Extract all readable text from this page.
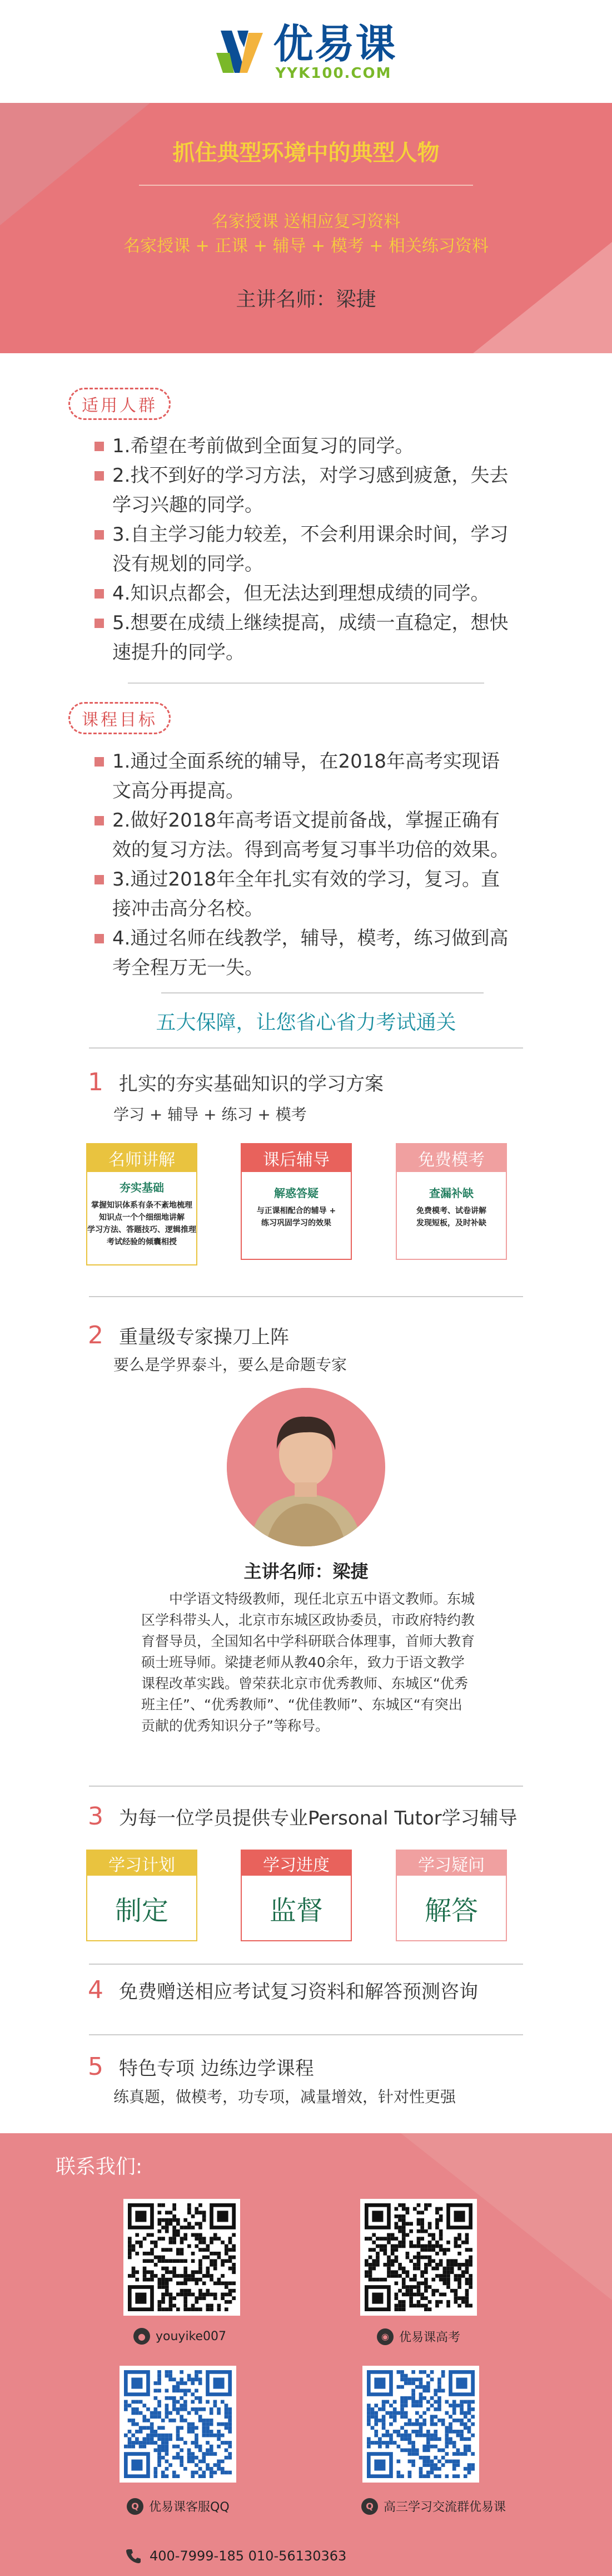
优易课
YYK100.COM
抓住典型环境中的典型人物
名家授课 送相应复习资料
名家授课 + 正课 + 辅导 + 模考 + 相关练习资料
主讲名师：梁捷
适用人群
1.希望在考前做到全面复习的同学。
2.找不到好的学习方法，对学习感到疲惫，失去学习兴趣的同学。
3.自主学习能力较差，不会利用课余时间，学习没有规划的同学。
4.知识点都会，但无法达到理想成绩的同学。
5.想要在成绩上继续提高，成绩一直稳定，想快速提升的同学。
课程目标
1.通过全面系统的辅导，在2018年高考实现语文高分再提高。
2.做好2018年高考语文提前备战，掌握正确有效的复习方法。得到高考复习事半功倍的效果。
3.通过2018年全年扎实有效的学习，复习。直接冲击高分名校。
4.通过名师在线教学，辅导，模考，练习做到高考全程万无一失。
五大保障，让您省心省力考试通关
1 扎实的夯实基础知识的学习方案
学习 + 辅导 + 练习 + 模考
名师讲解
夯实基础
掌握知识体系有条不紊地梳理
知识点一个个细细地讲解
学习方法、答题技巧、逻辑推理
考试经验的倾囊相授
课后辅导
解惑答疑
与正课相配合的辅导 +
练习巩固学习的效果
免费模考
查漏补缺
免费模考、试卷讲解
发现短板，及时补缺
2 重量级专家操刀上阵
要么是学界泰斗，要么是命题专家
主讲名师：梁捷
中学语文特级教师，现任北京五中语文教师。东城区学科带头人，北京市东城区政协委员，市政府特约教育督导员，全国知名中学科研联合体理事，首师大教育硕士班导师。梁捷老师从教40余年，致力于语文教学课程改革实践。曾荣获北京市优秀教师、东城区“优秀班主任”、“优秀教师”、“优佳教师”、东城区“有突出贡献的优秀知识分子”等称号。
3 为每一位学员提供专业Personal Tutor学习辅导
学习计划
制定
学习进度
监督
学习疑问
解答
4 免费赠送相应考试复习资料和解答预测咨询
5 特色专项 边练边学课程
练真题，做模考，功专项，减量增效，针对性更强
联系我们:
● youyike007	◉ 优易课高考
Q 优易课客服QQ	Q 高三学习交流群优易课
400-7999-185 010-56130363
